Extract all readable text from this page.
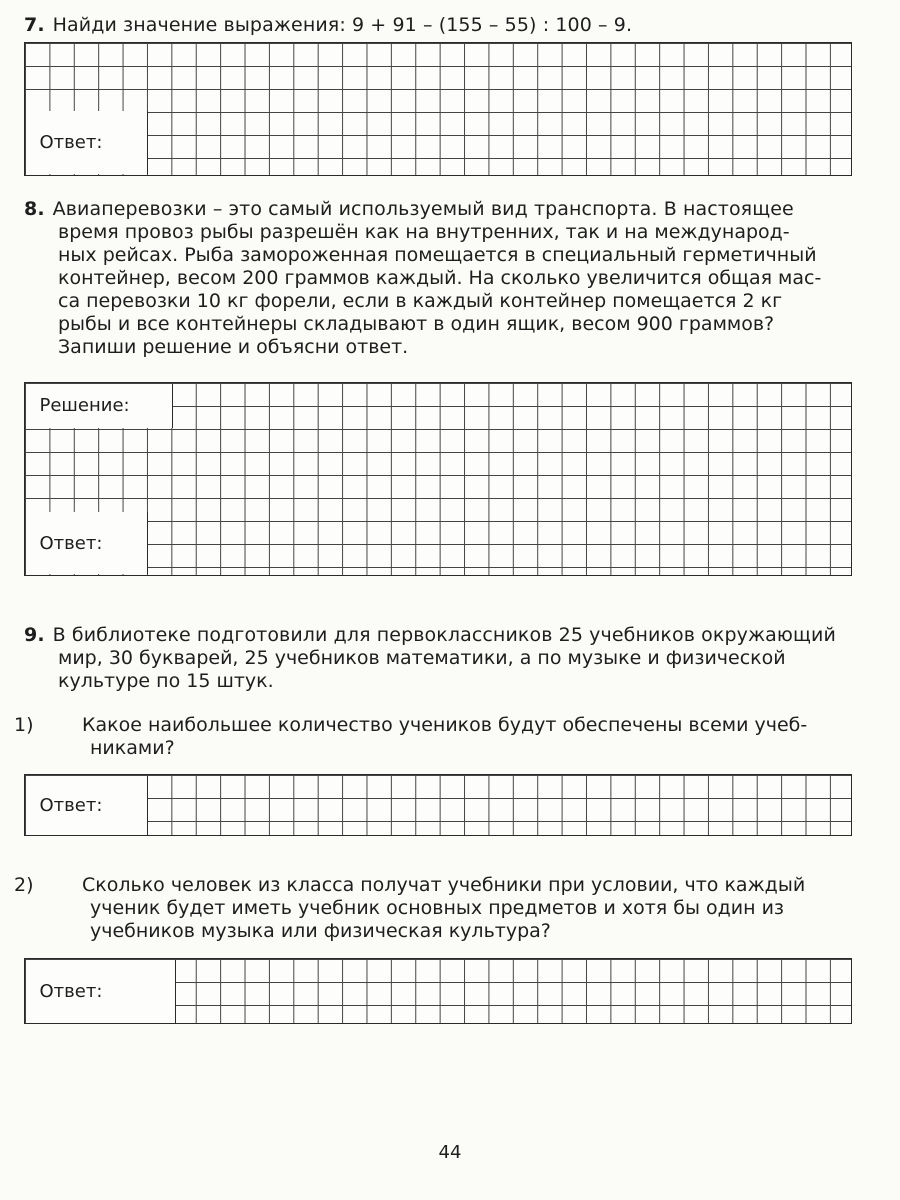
7. Найди значение выражения: 9 + 91 – (155 – 55) : 100 – 9.

Ответ:

8. Авиаперевозки – это самый используемый вид транспорта. В настоящее

время провоз рыбы разрешён как на внутренних, так и на международ-
ных рейсах. Рыба замороженная помещается в специальный герметичный
контейнер, весом 200 граммов каждый. На сколько увеличится общая мас-
са перевозки 10 кг форели, если в каждый контейнер помещается 2 кг
рыбы и все контейнеры складывают в один ящик, весом 900 граммов?
Запиши решение и объясни ответ.
Решение:
Ответ:

9. В библиотеке подготовили для первоклассников 25 учебников окружающий

мир, 30 букварей, 25 учебников математики, а по музыке и физической
культуре по 15 штук.
1)	Какое наибольшее количество учеников будут обеспечены всеми учеб-
никами?
Ответ:
2)	Сколько человек из класса получат учебники при условии, что каждый
ученик будет иметь учебник основных предметов и хотя бы один из
учебников музыка или физическая культура?
Ответ:
44
